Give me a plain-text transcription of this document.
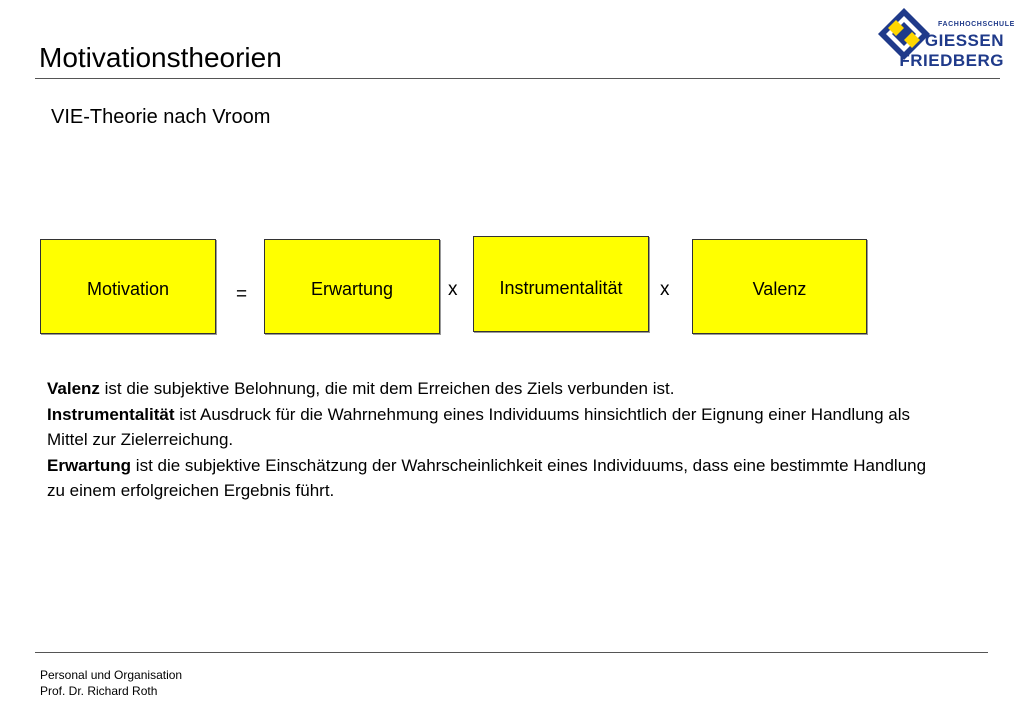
Motivationstheorien
FACHHOCHSCHULE
GIESSEN
FRIEDBERG
VIE-Theorie nach Vroom
Motivation	=	Erwartung	x	Instrumentalität	x	Valenz
Valenz ist die subjektive Belohnung, die mit dem Erreichen des Ziels verbunden ist.
Instrumentalität ist Ausdruck für die Wahrnehmung eines Individuums hinsichtlich der Eignung einer Handlung als Mittel zur Zielerreichung.
Erwartung ist die subjektive Einschätzung der Wahrscheinlichkeit eines Individuums, dass eine bestimmte Handlung zu einem erfolgreichen Ergebnis führt.
Personal und Organisation
Prof. Dr. Richard Roth
